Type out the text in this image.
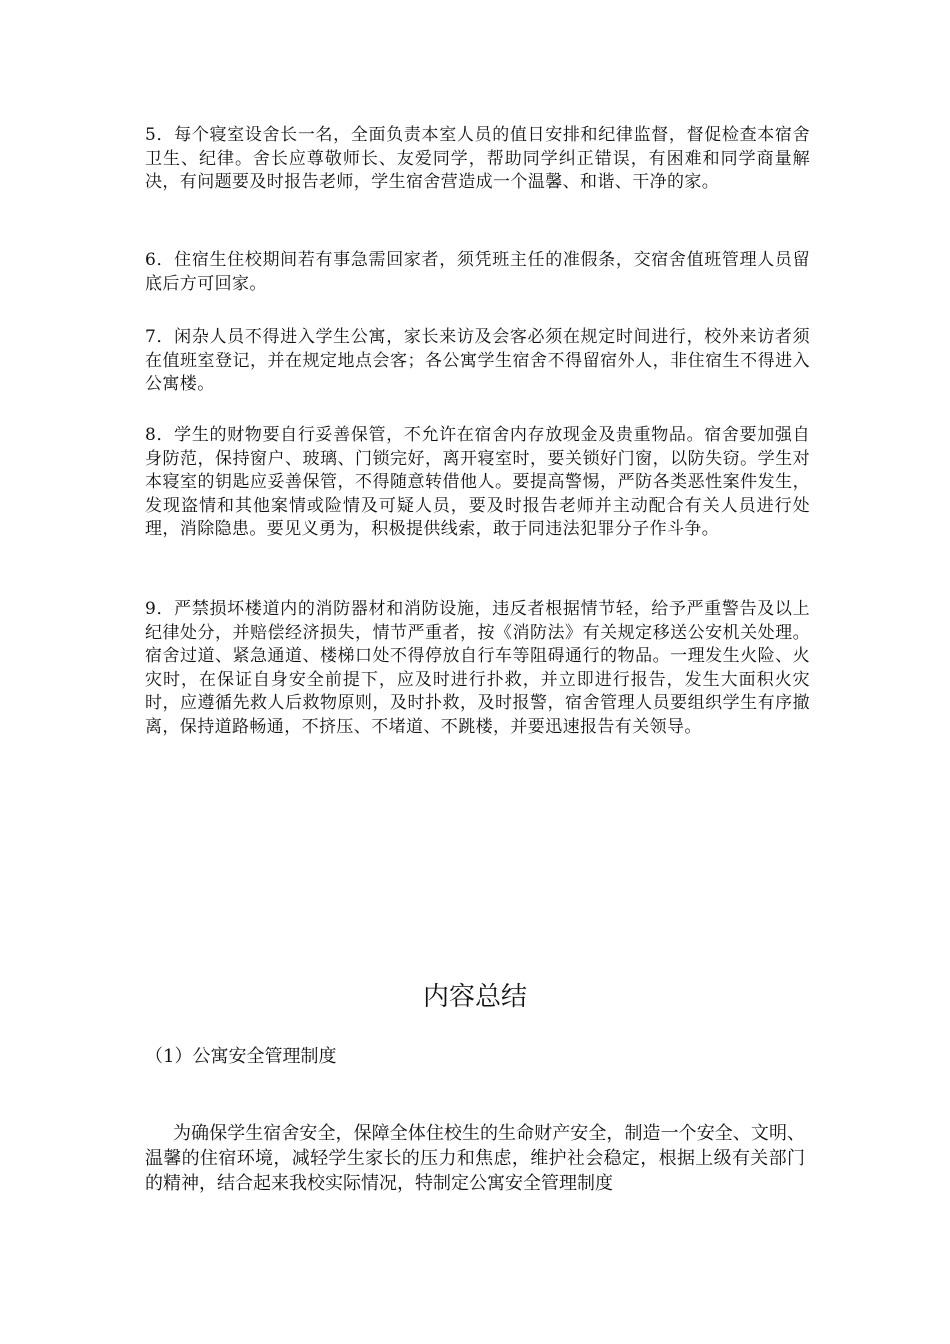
5．每个寝室设舍长一名，全面负责本室人员的值日安排和纪律监督，督促检查本宿舍卫生、纪律。舍长应尊敬师长、友爱同学，帮助同学纠正错误，有困难和同学商量解决，有问题要及时报告老师，学生宿舍营造成一个温馨、和谐、干净的家。

6．住宿生住校期间若有事急需回家者，须凭班主任的准假条，交宿舍值班管理人员留底后方可回家。

7．闲杂人员不得进入学生公寓，家长来访及会客必须在规定时间进行，校外来访者须在值班室登记，并在规定地点会客；各公寓学生宿舍不得留宿外人，非住宿生不得进入公寓楼。

8．学生的财物要自行妥善保管，不允许在宿舍内存放现金及贵重物品。宿舍要加强自身防范，保持窗户、玻璃、门锁完好，离开寝室时，要关锁好门窗，以防失窃。学生对本寝室的钥匙应妥善保管，不得随意转借他人。要提高警惕，严防各类恶性案件发生，发现盗情和其他案情或险情及可疑人员，要及时报告老师并主动配合有关人员进行处理，消除隐患。要见义勇为，积极提供线索，敢于同违法犯罪分子作斗争。

9．严禁损坏楼道内的消防器材和消防设施，违反者根据情节轻，给予严重警告及以上纪律处分，并赔偿经济损失，情节严重者，按《消防法》有关规定移送公安机关处理。宿舍过道、紧急通道、楼梯口处不得停放自行车等阻碍通行的物品。一理发生火险、火灾时，在保证自身安全前提下，应及时进行扑救，并立即进行报告，发生大面积火灾时，应遵循先救人后救物原则，及时扑救，及时报警，宿舍管理人员要组织学生有序撤离，保持道路畅通，不挤压、不堵道、不跳楼，并要迅速报告有关领导。

内容总结

（1）公寓安全管理制度

为确保学生宿舍安全，保障全体住校生的生命财产安全，制造一个安全、文明、温馨的住宿环境，减轻学生家长的压力和焦虑，维护社会稳定，根据上级有关部门的精神，结合起来我校实际情况，特制定公寓安全管理制度
